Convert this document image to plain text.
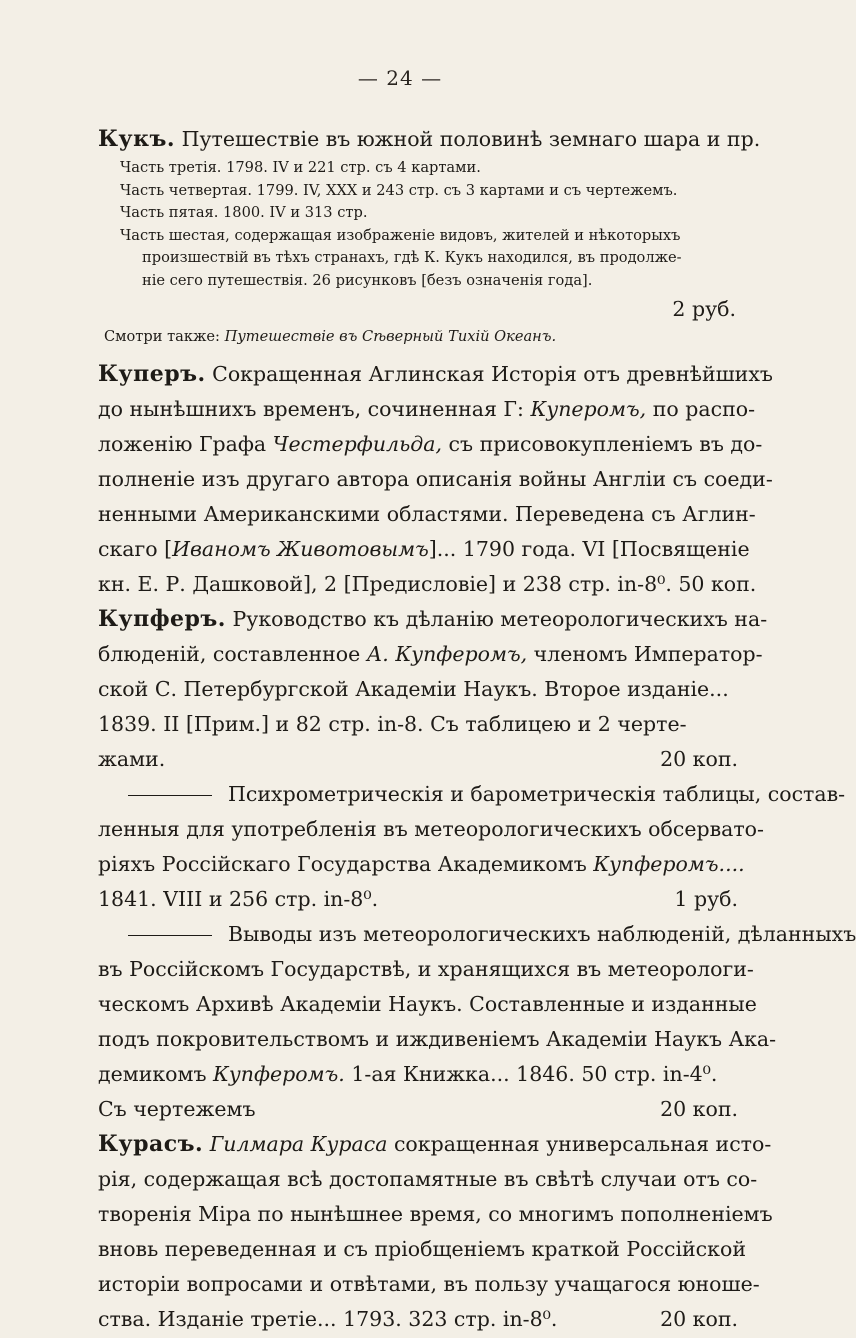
— 24 —
Кукъ. Путешествіе въ южной половинѣ земнаго шара и пр.
Часть третія. 1798. IV и 221 стр. съ 4 картами.
Часть четвертая. 1799. IV, XXX и 243 стр. съ 3 картами и съ чертежемъ.
Часть пятая. 1800. IV и 313 стр.
Часть шестая, содержащая изображеніе видовъ, жителей и нѣкоторыхъ
произшествій въ тѣхъ странахъ, гдѣ К. Кукъ находился, въ продолже-
ніе сего путешествія. 26 рисунковъ [безъ означенія года].
2 руб.
Смотри также: Путешествіе въ Сѣверный Тихій Океанъ.
Куперъ. Сокращенная Аглинская Исторія отъ древнѣйшихъ
до нынѣшнихъ временъ, сочиненная Г: Куперомъ, по распо-
ложенію Графа Честерфильда, съ присовокупленіемъ въ до-
полненіе изъ другаго автора описанія войны Англіи съ соеди-
ненными Американскими областями. Переведена съ Аглин-
скаго [Иваномъ Животовымъ]... 1790 года. VI [Посвященіе
кн. Е. Р. Дашковой], 2 [Предисловіе] и 238 стр. in-8⁰. 50 коп.
Купферъ. Руководство къ дѣланію метеорологическихъ на-
блюденій, составленное А. Купферомъ, членомъ Император-
ской С. Петербургской Академіи Наукъ. Второе изданіе...
1839. II [Прим.] и 82 стр. in-8. Съ таблицею и 2 черте-
жами.	20 коп.
Психрометрическія и барометрическія таблицы, состав-
ленныя для употребленія въ метеорологическихъ обсервато-
ріяхъ Россійскаго Государства Академикомъ Купферомъ....
1841. VIII и 256 стр. in-8⁰.	1 руб.
Выводы изъ метеорологическихъ наблюденій, дѣланныхъ
въ Россійскомъ Государствѣ, и хранящихся въ метеорологи-
ческомъ Архивѣ Академіи Наукъ. Составленные и изданные
подъ покровительствомъ и иждивеніемъ Академіи Наукъ Ака-
демикомъ Купферомъ. 1-ая Книжка... 1846. 50 стр. in-4⁰.
Съ чертежемъ	20 коп.
Курасъ. Гилмара Кураса сокращенная универсальная исто-
рія, содержащая всѣ достопамятные въ свѣтѣ случаи отъ со-
творенія Міра по нынѣшнее время, со многимъ пополненіемъ
вновь переведенная и съ пріобщеніемъ краткой Россійской
исторіи вопросами и отвѣтами, въ пользу учащагося юноше-
ства. Изданіе третіе... 1793. 323 стр. in-8⁰.	20 коп.
